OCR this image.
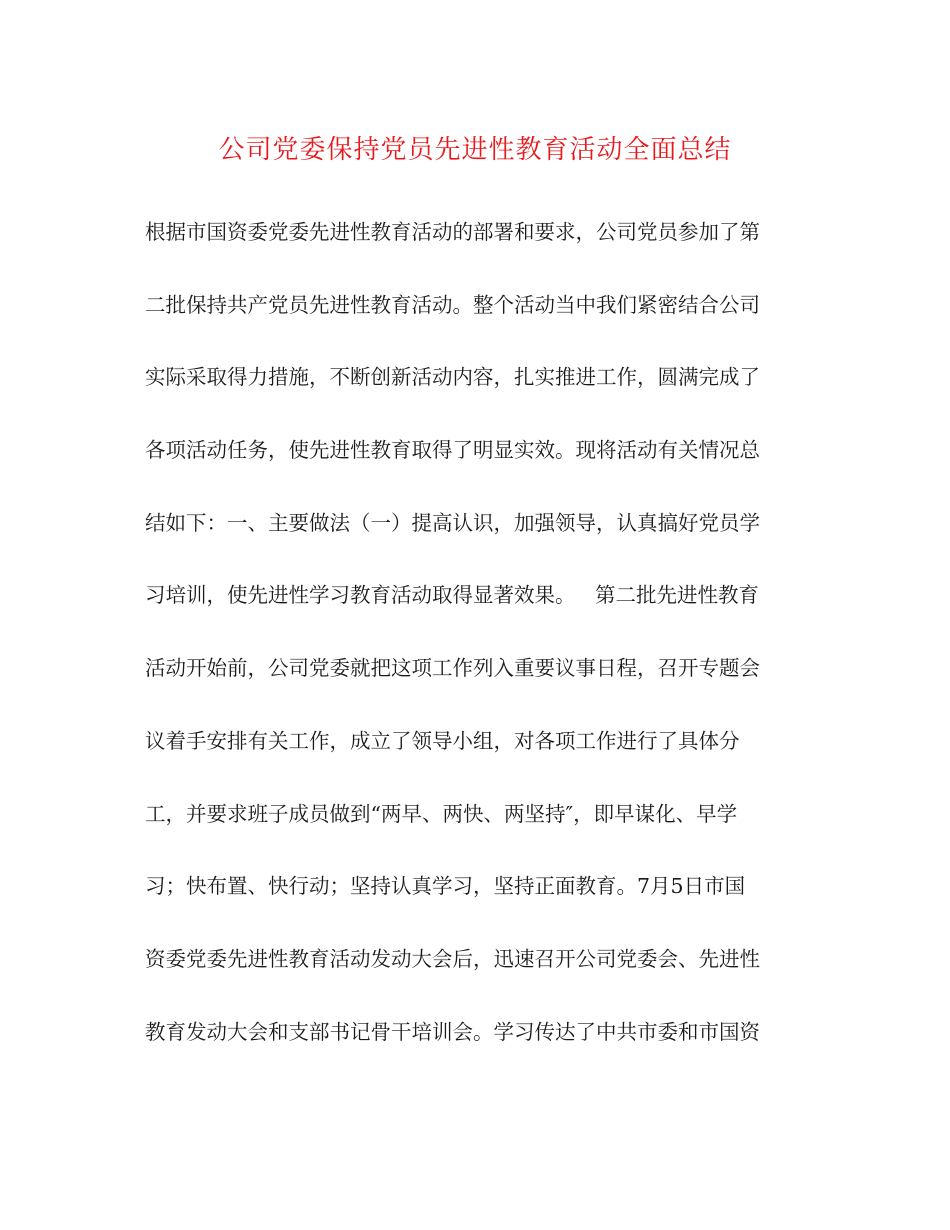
公司党委保持党员先进性教育活动全面总结
根据市国资委党委先进性教育活动的部署和要求，公司党员参加了第
二批保持共产党员先进性教育活动。整个活动当中我们紧密结合公司
实际采取得力措施，不断创新活动内容，扎实推进工作，圆满完成了
各项活动任务，使先进性教育取得了明显实效。现将活动有关情况总
结如下：一、主要做法（一）提高认识，加强领导，认真搞好党员学
习培训，使先进性学习教育活动取得显著效果。   第二批先进性教育
活动开始前，公司党委就把这项工作列入重要议事日程，召开专题会
议着手安排有关工作，成立了领导小组，对各项工作进行了具体分
工，并要求班子成员做到“两早、两快、两坚持″，即早谋化、早学
习；快布置、快行动；坚持认真学习，坚持正面教育。7月5日市国
资委党委先进性教育活动发动大会后，迅速召开公司党委会、先进性
教育发动大会和支部书记骨干培训会。学习传达了中共市委和市国资
